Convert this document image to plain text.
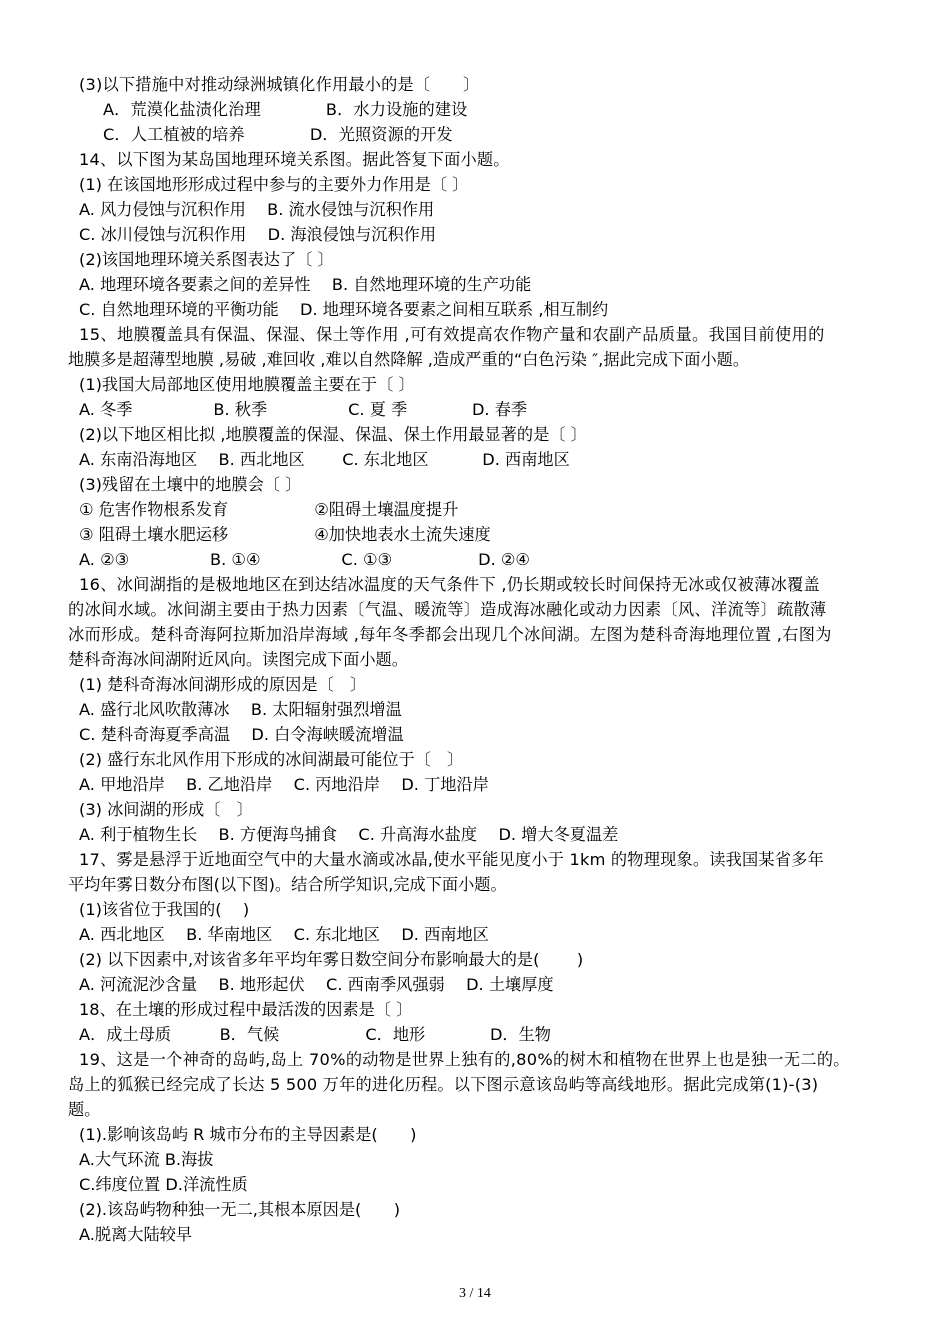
(3)以下措施中对推动绿洲城镇化作用最小的是〔　　〕
A．荒漠化盐渍化治理　　　　B．水力设施的建设
C．人工植被的培养　　　　D．光照资源的开发
14、以下图为某岛国地理环境关系图。据此答复下面小题。
(1) 在该国地形形成过程中参与的主要外力作用是〔 〕
A. 风力侵蚀与沉积作用　 B. 流水侵蚀与沉积作用
C. 冰川侵蚀与沉积作用　 D. 海浪侵蚀与沉积作用
(2)该国地理环境关系图表达了〔 〕
A. 地理环境各要素之间的差异性　 B. 自然地理环境的生产功能
C. 自然地理环境的平衡功能　 D. 地理环境各要素之间相互联系 ,相互制约
15、地膜覆盖具有保温、保湿、保土等作用 ,可有效提高农作物产量和农副产品质量。我国目前使用的
地膜多是超薄型地膜 ,易破 ,难回收 ,难以自然降解 ,造成严重的“白色污染 ″,据此完成下面小题。
(1)我国大局部地区使用地膜覆盖主要在于〔 〕
A. 冬季　　　　　B. 秋季　　　　　C. 夏 季　　　　D. 春季
(2)以下地区相比拟 ,地膜覆盖的保湿、保温、保土作用最显著的是〔 〕
A. 东南沿海地区　 B. 西北地区　　 C. 东北地区　　　 D. 西南地区
(3)残留在土壤中的地膜会〔 〕
① 危害作物根系发育　　　　　 ②阻碍土壤温度提升
③ 阻碍土壤水肥运移　　　　　 ④加快地表水土流失速度
A. ②③　　　　　B. ①④　　　　　C. ①③　　　　　 D. ②④
16、冰间湖指的是极地地区在到达结冰温度的天气条件下 ,仍长期或较长时间保持无冰或仅被薄冰覆盖
的冰间水域。冰间湖主要由于热力因素〔气温、暖流等〕造成海冰融化或动力因素〔风、洋流等〕疏散薄
冰而形成。楚科奇海阿拉斯加沿岸海域 ,每年冬季都会出现几个冰间湖。左图为楚科奇海地理位置 ,右图为
楚科奇海冰间湖附近风向。读图完成下面小题。
(1) 楚科奇海冰间湖形成的原因是〔　〕
A. 盛行北风吹散薄冰　 B. 太阳辐射强烈增温
C. 楚科奇海夏季高温　 D. 白令海峡暖流增温
(2) 盛行东北风作用下形成的冰间湖最可能位于〔　〕
A. 甲地沿岸　 B. 乙地沿岸　 C. 丙地沿岸　 D. 丁地沿岸
(3) 冰间湖的形成〔　〕
A. 利于植物生长　 B. 方便海鸟捕食　 C. 升高海水盐度　 D. 增大冬夏温差
17、雾是悬浮于近地面空气中的大量水滴或冰晶,使水平能见度小于 1km 的物理现象。读我国某省多年
平均年雾日数分布图(以下图)。结合所学知识,完成下面小题。
(1)该省位于我国的(　 )
A. 西北地区　 B. 华南地区　 C. 东北地区　 D. 西南地区
(2) 以下因素中,对该省多年平均年雾日数空间分布影响最大的是(　　 )
A. 河流泥沙含量　 B. 地形起伏　 C. 西南季风强弱　 D. 土壤厚度
18、在土壤的形成过程中最活泼的因素是〔 〕
A．成土母质　　　B．气候　　　　　 C．地形　　　　D．生物
19、这是一个神奇的岛屿,岛上 70%的动物是世界上独有的,80%的树木和植物在世界上也是独一无二的。
岛上的狐猴已经完成了长达 5 500 万年的进化历程。以下图示意该岛屿等高线地形。据此完成第(1)-(3)
题。
(1).影响该岛屿 R 城市分布的主导因素是(　　)
A.大气环流 B.海拔
C.纬度位置 D.洋流性质
(2).该岛屿物种独一无二,其根本原因是(　　)
A.脱离大陆较早
3 / 14
